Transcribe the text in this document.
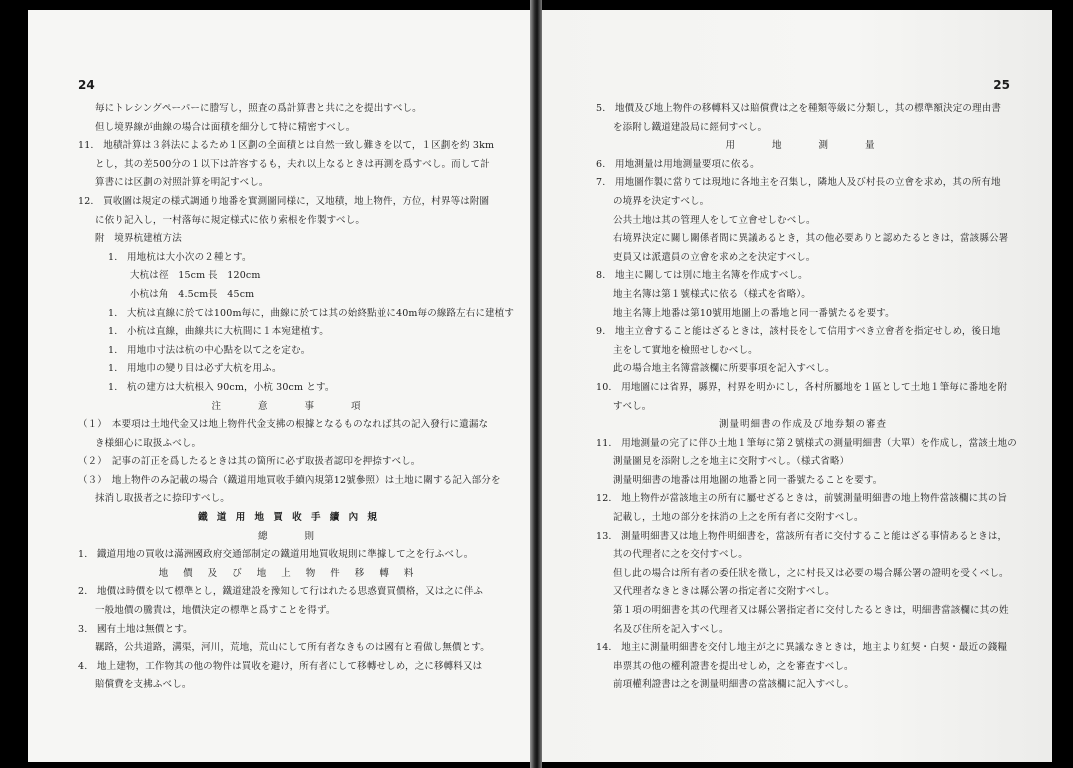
24
毎にトレシングペーパーに謄写し，照査の爲計算書と共に之を提出すべし。
但し境界線が曲線の場合は面積を細分して特に精密すべし。
11.　地積計算は３斜法によるため１区劃の全面積とは自然一致し難きを以て，１区劃を約 3km
とし，其の差500分の１以下は許容するも，夫れ以上なるときは再測を爲すべし。而して計
算書には区劃の対照計算を明記すべし。
12.　買收圖は規定の様式調通り地番を實測圖同様に，又地積，地上物件，方位，村界等は附圖
に依り記入し，一村落毎に規定様式に依り索根を作製すべし。
附　境界杭建植方法
1.　用地杭は大小次の２種とす。
大杭は徑　15cm 長　120cm
小杭は角　4.5cm長　45cm
1.　大杭は直線に於ては100m毎に，曲線に於ては其の始終點並に40m毎の線路左右に建植す
1.　小杭は直線，曲線共に大杭間に１本宛建植す。
1.　用地巾寸法は杭の中心點を以て之を定む。
1.　用地巾の變り目は必ず大杭を用ふ。
1.　杭の建方は大杭根入 90cm，小杭 30cm とす。
注　　意　　事　　項
（１）　本要項は土地代金又は地上物件代金支拂の根據となるものなれば其の記入發行に遺漏な
き様細心に取扱ふべし。
（２）　記事の訂正を爲したるときは其の箇所に必ず取扱者認印を押捺すべし。
（３）　地上物件のみ記載の場合（鐵道用地買收手續內規第12號參照）は土地に關する記入部分を
抹消し取扱者之に捺印すべし。
鐵 道 用 地 買 收 手 續 內 規
總　　則
1.　鐵道用地の買收は滿洲國政府交通部制定の鐵道用地買收規則に準據して之を行ふべし。
地 價 及 び 地 上 物 件 移 轉 料
2.　地價は時價を以て標準とし，鐵道建設を豫知して行はれたる思惑賣買價格，又は之に伴ふ
一般地價の騰貴は，地價決定の標準と爲すことを得ず。
3.　國有土地は無價とす。
羈路，公共道路，溝渠，河川，荒地，荒山にして所有者なきものは國有と看做し無價とす。
4.　地上建物，工作物其の他の物件は買收を避け，所有者にして移轉せしめ，之に移轉料又は
賠償費を支拂ふべし。
25
5.　地價及び地上物件の移轉料又は賠償費は之を種類等級に分類し，其の標準額決定の理由書
を添附し鐵道建設局に經伺すべし。
用　　地　　測　　量
6.　用地測量は用地測量要項に依る。
7.　用地圖作製に當りては現地に各地主を召集し，隣地人及び村長の立會を求め，其の所有地
の境界を決定すべし。
公共土地は其の管理人をして立會せしむべし。
右境界決定に關し關係者間に異議あるとき，其の他必要ありと認めたるときは，當該縣公署
吏員又は派遣員の立會を求め之を決定すべし。
8.　地主に關しては別に地主名簿を作成すべし。
地主名簿は第１號様式に依る（様式を省略）。
地主名簿上地番は第10號用地圖上の番地と同一番號たるを要す。
9.　地主立會すること能はざるときは，該村長をして信用すべき立會者を指定せしめ，後日地
主をして實地を檢照せしむべし。
此の場合地主名簿當該欄に所要事項を記入すべし。
10.　用地圖には省界，縣界，村界を明かにし，各村所屬地を１區として土地１筆毎に番地を附
すべし。
測量明細書の作成及び地券類の審查
11.　用地測量の完了に伴ひ土地１筆毎に第２號様式の測量明細書（大單）を作成し，當該土地の
測量圖見を添附し之を地主に交附すべし。（様式省略）
測量明細書の地番は用地圖の地番と同一番號たることを要す。
12.　地上物件が當該地主の所有に屬せざるときは，前號測量明細書の地上物件當該欄に其の旨
記載し，土地の部分を抹消の上之を所有者に交附すべし。
13.　測量明細書又は地上物件明細書を，當該所有者に交付すること能はざる事情あるときは，
其の代理者に之を交付すべし。
但し此の場合は所有者の委任狀を徵し，之に村長又は必要の場合縣公署の證明を受くべし。
又代理者なきときは縣公署の指定者に交附すべし。
第１項の明細書を其の代理者又は縣公署指定者に交付したるときは，明細書當該欄に其の姓
名及び住所を記入すべし。
14.　地主に測量明細書を交付し地主が之に異議なきときは，地主より紅契・白契・最近の錢糧
串票其の他の權利證書を提出せしめ，之を審查すべし。
前項權利證書は之を測量明細書の當該欄に記入すべし。
